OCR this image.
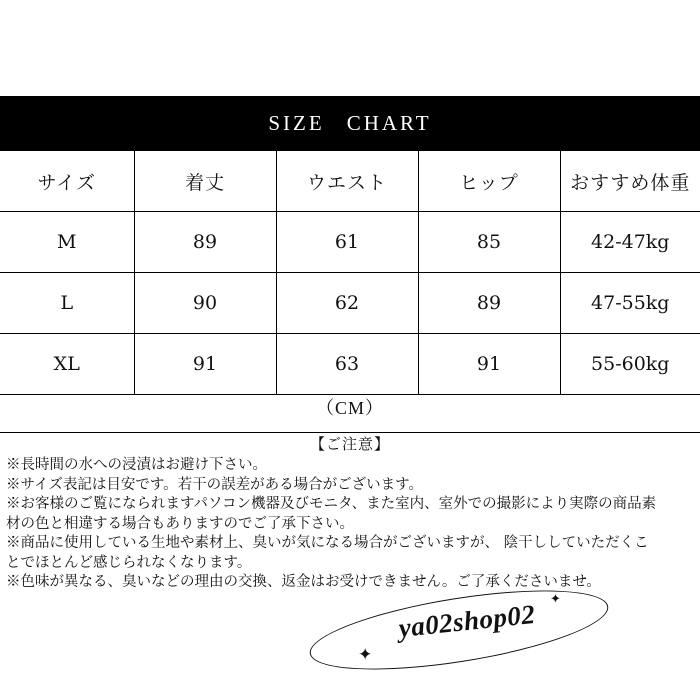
SIZE CHART
サイズ	着丈	ウエスト	ヒップ	おすすめ体重
M	89	61	85	42-47kg
L	90	62	89	47-55kg
XL	91	63	91	55-60kg
（CM）
【ご注意】

※長時間の水への浸漬はお避け下さい。

※サイズ表記は目安です。若干の誤差がある場合がございます。

※お客様のご覧になられますパソコン機器及びモニタ、また室内、室外での撮影により実際の商品素

材の色と相違する場合もありますのでご了承下さい。

※商品に使用している生地や素材上、臭いが気になる場合がございますが、 陰干ししていただくこ

とでほとんど感じられなくなります。

※色味が異なる、臭いなどの理由の交換、返金はお受けできません。ご了承くださいませ。

ya02shop02
✦
✦
